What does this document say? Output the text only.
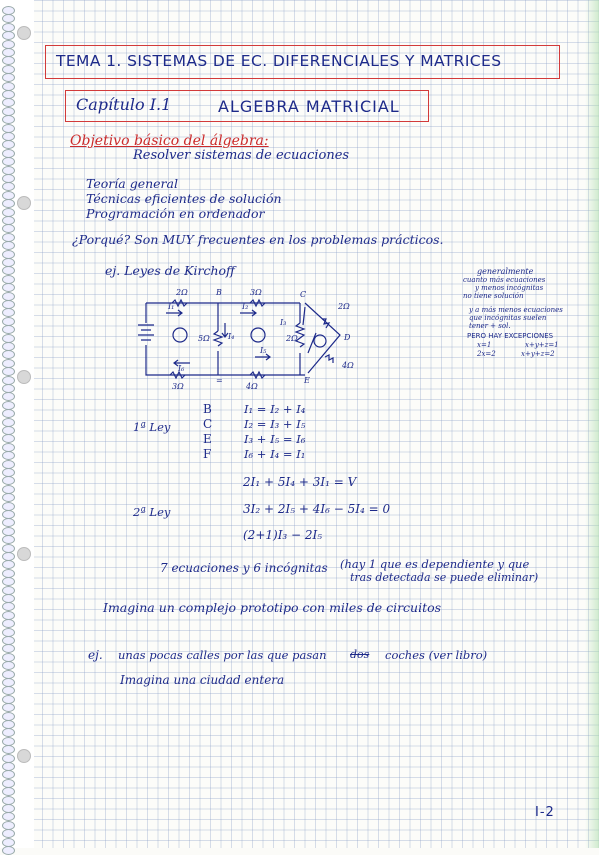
TEMA 1. SISTEMAS DE EC. DIFERENCIALES Y MATRICES
Capítulo I.1	ALGEBRA MATRICIAL
Objetivo básico del álgebra:
Resolver sistemas de ecuaciones
Teoría general
Técnicas eficientes de solución
Programación en ordenador
¿Porqué? Son MUY frecuentes en los problemas prácticos.
ej. Leyes de Kirchoff	generalmente
cuanto más ecuaciones
y menos incógnitas
no tiene solución
y a más menos ecuaciones
que incógnitas suelen
tener + sol.
PERO HAY EXCEPCIONES
x=1	x+y+z=1
2x=2	x+y+z=2
2Ω	B	3Ω	C
2Ω
D
4Ω
5Ω	2Ω
3Ω	4Ω
=	E
I₁	I₂
I₃
I₄
I₅
I₆
1ª Ley
B	I₁ = I₂ + I₄
C	I₂ = I₃ + I₅
E	I₃ + I₅ = I₆
F	I₆ + I₄ = I₁
2ª Ley
2I₁ + 5I₄ + 3I₁ = V
3I₂ + 2I₅ + 4I₆ − 5I₄ = 0
(2+1)I₃ − 2I₅
7 ecuaciones y 6 incógnitas (hay 1 que es dependiente y que
tras detectada se puede eliminar)
Imagina un complejo prototipo con miles de circuitos
ej. unas pocas calles por las que pasan dos coches (ver libro)
Imagina una ciudad entera
I-2
